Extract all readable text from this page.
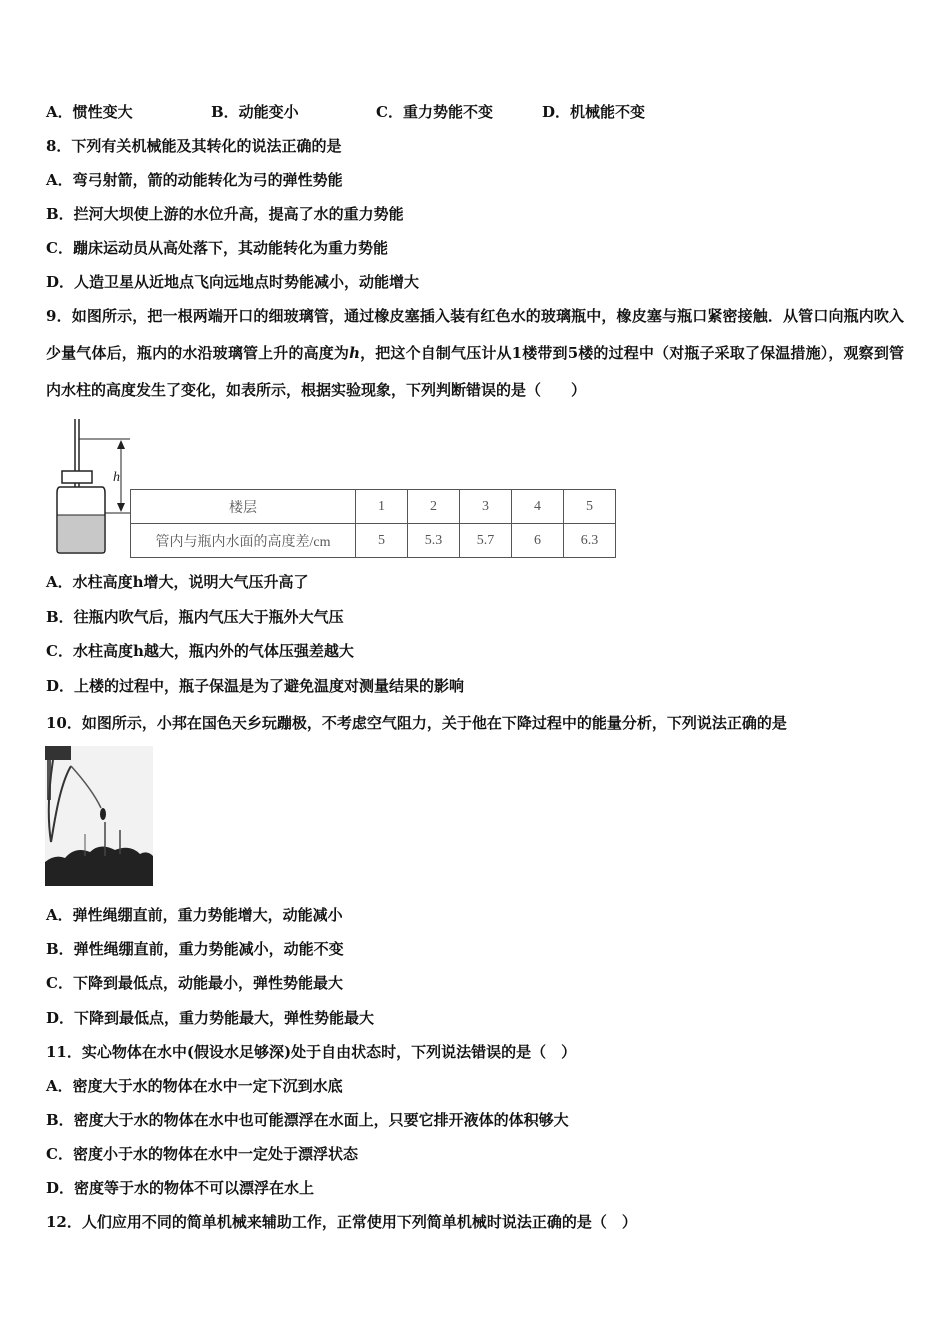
A．惯性变大	B．动能变小	C．重力势能不变	D．机械能不变
8．下列有关机械能及其转化的说法正确的是
A．弯弓射箭，箭的动能转化为弓的弹性势能
B．拦河大坝使上游的水位升高，提高了水的重力势能
C．蹦床运动员从高处落下，其动能转化为重力势能
D．人造卫星从近地点飞向远地点时势能减小，动能增大
9．如图所示，把一根两端开口的细玻璃管，通过橡皮塞插入装有红色水的玻璃瓶中，橡皮塞与瓶口紧密接触．从管口向瓶内吹入少量气体后，瓶内的水沿玻璃管上升的高度为h，把这个自制气压计从1楼带到5楼的过程中（对瓶子采取了保温措施），观察到管内水柱的高度发生了变化，如表所示，根据实验现象，下列判断错误的是（　　）
h
楼层	1	2	3	4	5
管内与瓶内水面的高度差/cm	5	5.3	5.7	6	6.3
A．水柱高度h增大，说明大气压升高了
B．往瓶内吹气后，瓶内气压大于瓶外大气压
C．水柱高度h越大，瓶内外的气体压强差越大
D．上楼的过程中，瓶子保温是为了避免温度对测量结果的影响
10．如图所示，小邦在国色天乡玩蹦极，不考虑空气阻力，关于他在下降过程中的能量分析，下列说法正确的是
A．弹性绳绷直前，重力势能增大，动能减小
B．弹性绳绷直前，重力势能减小，动能不变
C．下降到最低点，动能最小，弹性势能最大
D．下降到最低点，重力势能最大，弹性势能最大
11．实心物体在水中(假设水足够深)处于自由状态时，下列说法错误的是（　）
A．密度大于水的物体在水中一定下沉到水底
B．密度大于水的物体在水中也可能漂浮在水面上，只要它排开液体的体积够大
C．密度小于水的物体在水中一定处于漂浮状态
D．密度等于水的物体不可以漂浮在水上
12．人们应用不同的简单机械来辅助工作，正常使用下列简单机械时说法正确的是（　）
